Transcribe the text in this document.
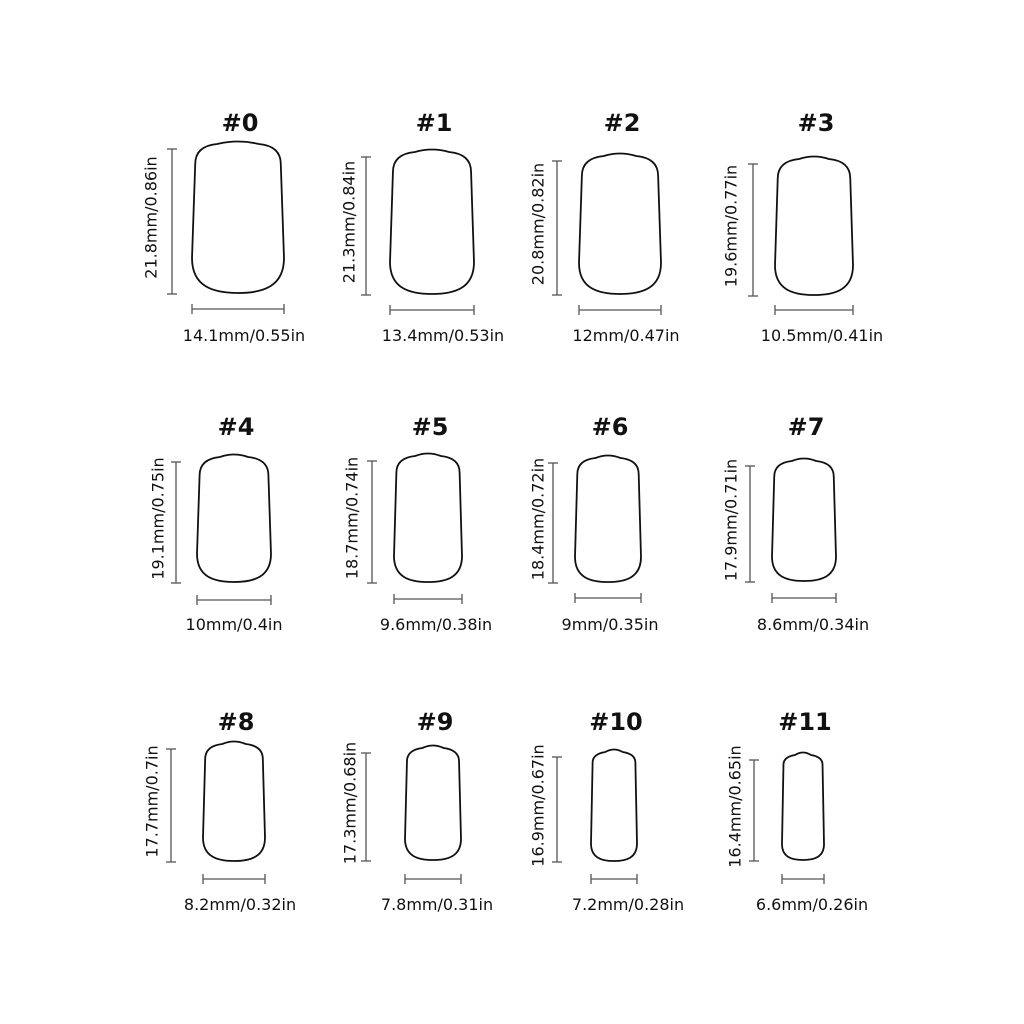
#0
21.8mm/0.86in
14.1mm/0.55in
#1
21.3mm/0.84in
13.4mm/0.53in
#2
20.8mm/0.82in
12mm/0.47in
#3
19.6mm/0.77in
10.5mm/0.41in
#4
19.1mm/0.75in
10mm/0.4in
#5
18.7mm/0.74in
9.6mm/0.38in
#6
18.4mm/0.72in
9mm/0.35in
#7
17.9mm/0.71in
8.6mm/0.34in
#8
17.7mm/0.7in
8.2mm/0.32in
#9
17.3mm/0.68in
7.8mm/0.31in
#10
16.9mm/0.67in
7.2mm/0.28in
#11
16.4mm/0.65in
6.6mm/0.26in
